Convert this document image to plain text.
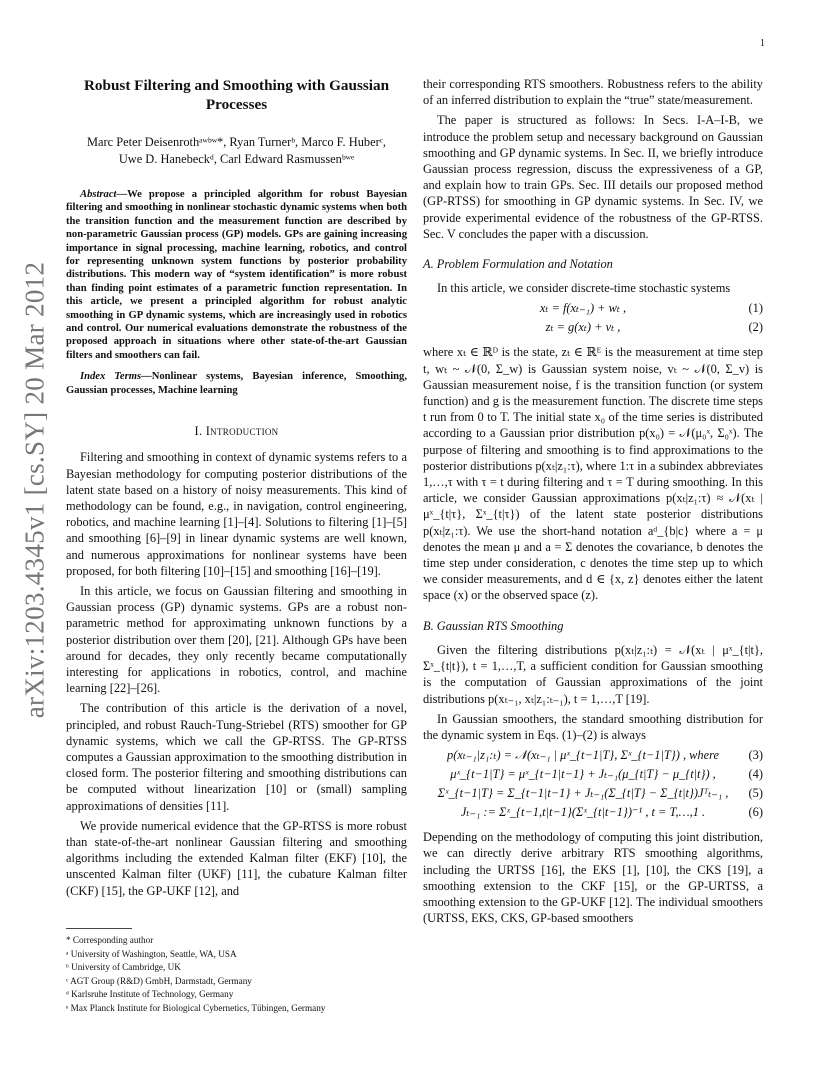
1
arXiv:1203.4345v1 [cs.SY] 20 Mar 2012
Robust Filtering and Smoothing with Gaussian Processes
Marc Peter Deisenrothᵃʷᵇʷ*, Ryan Turnerᵇ, Marco F. Huberᶜ,
Uwe D. Hanebeckᵈ, Carl Edward Rasmussenᵇʷᵉ

Abstract—We propose a principled algorithm for robust Bayesian filtering and smoothing in nonlinear stochastic dynamic systems when both the transition function and the measurement function are described by non-parametric Gaussian process (GP) models. GPs are gaining increasing importance in signal processing, machine learning, robotics, and control for representing unknown system functions by posterior probability distributions. This modern way of “system identification” is more robust than finding point estimates of a parametric function representation. In this article, we present a principled algorithm for robust analytic smoothing in GP dynamic systems, which are increasingly used in robotics and control. Our numerical evaluations demonstrate the robustness of the proposed approach in situations where other state-of-the-art Gaussian filters and smoothers can fail.

Index Terms—Nonlinear systems, Bayesian inference, Smoothing, Gaussian processes, Machine learning

I. Introduction

Filtering and smoothing in context of dynamic systems refers to a Bayesian methodology for computing posterior distributions of the latent state based on a history of noisy measurements. This kind of methodology can be found, e.g., in navigation, control engineering, robotics, and machine learning [1]–[4]. Solutions to filtering [1]–[5] and smoothing [6]–[9] in linear dynamic systems are well known, and numerous approximations for nonlinear systems have been proposed, for both filtering [10]–[15] and smoothing [16]–[19].

In this article, we focus on Gaussian filtering and smoothing in Gaussian process (GP) dynamic systems. GPs are a robust non-parametric method for approximating unknown functions by a posterior distribution over them [20], [21]. Although GPs have been around for decades, they only recently became computationally interesting for applications in robotics, control, and machine learning [22]–[26].

The contribution of this article is the derivation of a novel, principled, and robust Rauch-Tung-Striebel (RTS) smoother for GP dynamic systems, which we call the GP-RTSS. The GP-RTSS computes a Gaussian approximation to the smoothing distribution in closed form. The posterior filtering and smoothing distributions can be computed without linearization [10] or (small) sampling approximations of densities [11].

We provide numerical evidence that the GP-RTSS is more robust than state-of-the-art nonlinear Gaussian filtering and smoothing algorithms including the extended Kalman filter (EKF) [10], the unscented Kalman filter (UKF) [11], the cubature Kalman filter (CKF) [15], the GP-UKF [12], and

* Corresponding author
ᵃ University of Washington, Seattle, WA, USA
ᵇ University of Cambridge, UK
ᶜ AGT Group (R&D) GmbH, Darmstadt, Germany
ᵈ Karlsruhe Institute of Technology, Germany
ᵉ Max Planck Institute for Biological Cybernetics, Tübingen, Germany

their corresponding RTS smoothers. Robustness refers to the ability of an inferred distribution to explain the “true” state/measurement.

The paper is structured as follows: In Secs. I-A–I-B, we introduce the problem setup and necessary background on Gaussian smoothing and GP dynamic systems. In Sec. II, we briefly introduce Gaussian process regression, discuss the expressiveness of a GP, and explain how to train GPs. Sec. III details our proposed method (GP-RTSS) for smoothing in GP dynamic systems. In Sec. IV, we provide experimental evidence of the robustness of the GP-RTSS. Sec. V concludes the paper with a discussion.

A. Problem Formulation and Notation

In this article, we consider discrete-time stochastic systems

xₜ = f(xₜ₋₁) + wₜ ,	(1)
zₜ = g(xₜ) + vₜ ,	(2)

where xₜ ∈ ℝᴰ is the state, zₜ ∈ ℝᴱ is the measurement at time step t, wₜ ~ 𝒩(0, Σ_w) is Gaussian system noise, vₜ ~ 𝒩(0, Σ_v) is Gaussian measurement noise, f is the transition function (or system function) and g is the measurement function. The discrete time steps t run from 0 to T. The initial state x₀ of the time series is distributed according to a Gaussian prior distribution p(x₀) = 𝒩(μ₀ˣ, Σ₀ˣ). The purpose of filtering and smoothing is to find approximations to the posterior distributions p(xₜ|z₁:τ), where 1:τ in a subindex abbreviates 1,…,τ with τ = t during filtering and τ = T during smoothing. In this article, we consider Gaussian approximations p(xₜ|z₁:τ) ≈ 𝒩(xₜ | μˣ_{t|τ}, Σˣ_{t|τ}) of the latent state posterior distributions p(xₜ|z₁:τ). We use the short-hand notation aᵈ_{b|c} where a = μ denotes the mean μ and a = Σ denotes the covariance, b denotes the time step under consideration, c denotes the time step up to which we consider measurements, and d ∈ {x, z} denotes either the latent space (x) or the observed space (z).

B. Gaussian RTS Smoothing

Given the filtering distributions p(xₜ|z₁:ₜ) = 𝒩(xₜ | μˣ_{t|t}, Σˣ_{t|t}), t = 1,…,T, a sufficient condition for Gaussian smoothing is the computation of Gaussian approximations of the joint distributions p(xₜ₋₁, xₜ|z₁:ₜ₋₁), t = 1,…,T [19].

In Gaussian smoothers, the standard smoothing distribution for the dynamic system in Eqs. (1)–(2) is always

p(xₜ₋₁|z₁:ₜ) = 𝒩(xₜ₋₁ | μˣ_{t−1|T}, Σˣ_{t−1|T}) , where	(3)
μˣ_{t−1|T} = μˣ_{t−1|t−1} + Jₜ₋₁(μ_{t|T} − μ_{t|t}) ,	(4)
Σˣ_{t−1|T} = Σ_{t−1|t−1} + Jₜ₋₁(Σ_{t|T} − Σ_{t|t})Jᵀₜ₋₁ ,	(5)
Jₜ₋₁ := Σˣ_{t−1,t|t−1}(Σˣ_{t|t−1})⁻¹ , t = T,…,1 .	(6)

Depending on the methodology of computing this joint distribution, we can directly derive arbitrary RTS smoothing algorithms, including the URTSS [16], the EKS [1], [10], the CKS [19], a smoothing extension to the CKF [15], or the GP-URTSS, a smoothing extension to the GP-UKF [12]. The individual smoothers (URTSS, EKS, CKS, GP-based smoothers
